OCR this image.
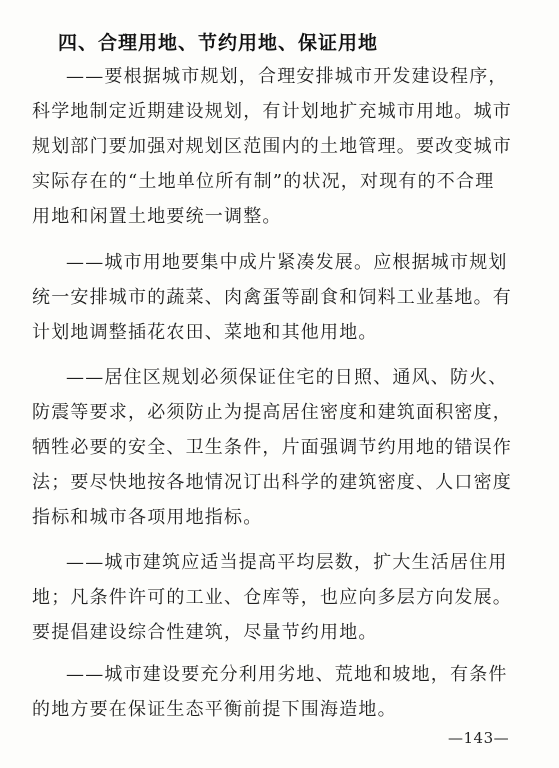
四、合理用地、节约用地、保证用地
——要根据城市规划，合理安排城市开发建设程序，
科学地制定近期建设规划，有计划地扩充城市用地。城市
规划部门要加强对规划区范围内的土地管理。要改变城市
实际存在的“土地单位所有制”的状况，对现有的不合理
用地和闲置土地要统一调整。
——城市用地要集中成片紧凑发展。应根据城市规划
统一安排城市的蔬菜、肉禽蛋等副食和饲料工业基地。有
计划地调整插花农田、菜地和其他用地。
——居住区规划必须保证住宅的日照、通风、防火、
防震等要求，必须防止为提高居住密度和建筑面积密度，
牺牲必要的安全、卫生条件，片面强调节约用地的错误作
法；要尽快地按各地情况订出科学的建筑密度、人口密度
指标和城市各项用地指标。
——城市建筑应适当提高平均层数，扩大生活居住用
地；凡条件许可的工业、仓库等，也应向多层方向发展。
要提倡建设综合性建筑，尽量节约用地。
——城市建设要充分利用劣地、荒地和坡地，有条件
的地方要在保证生态平衡前提下围海造地。
—143—
